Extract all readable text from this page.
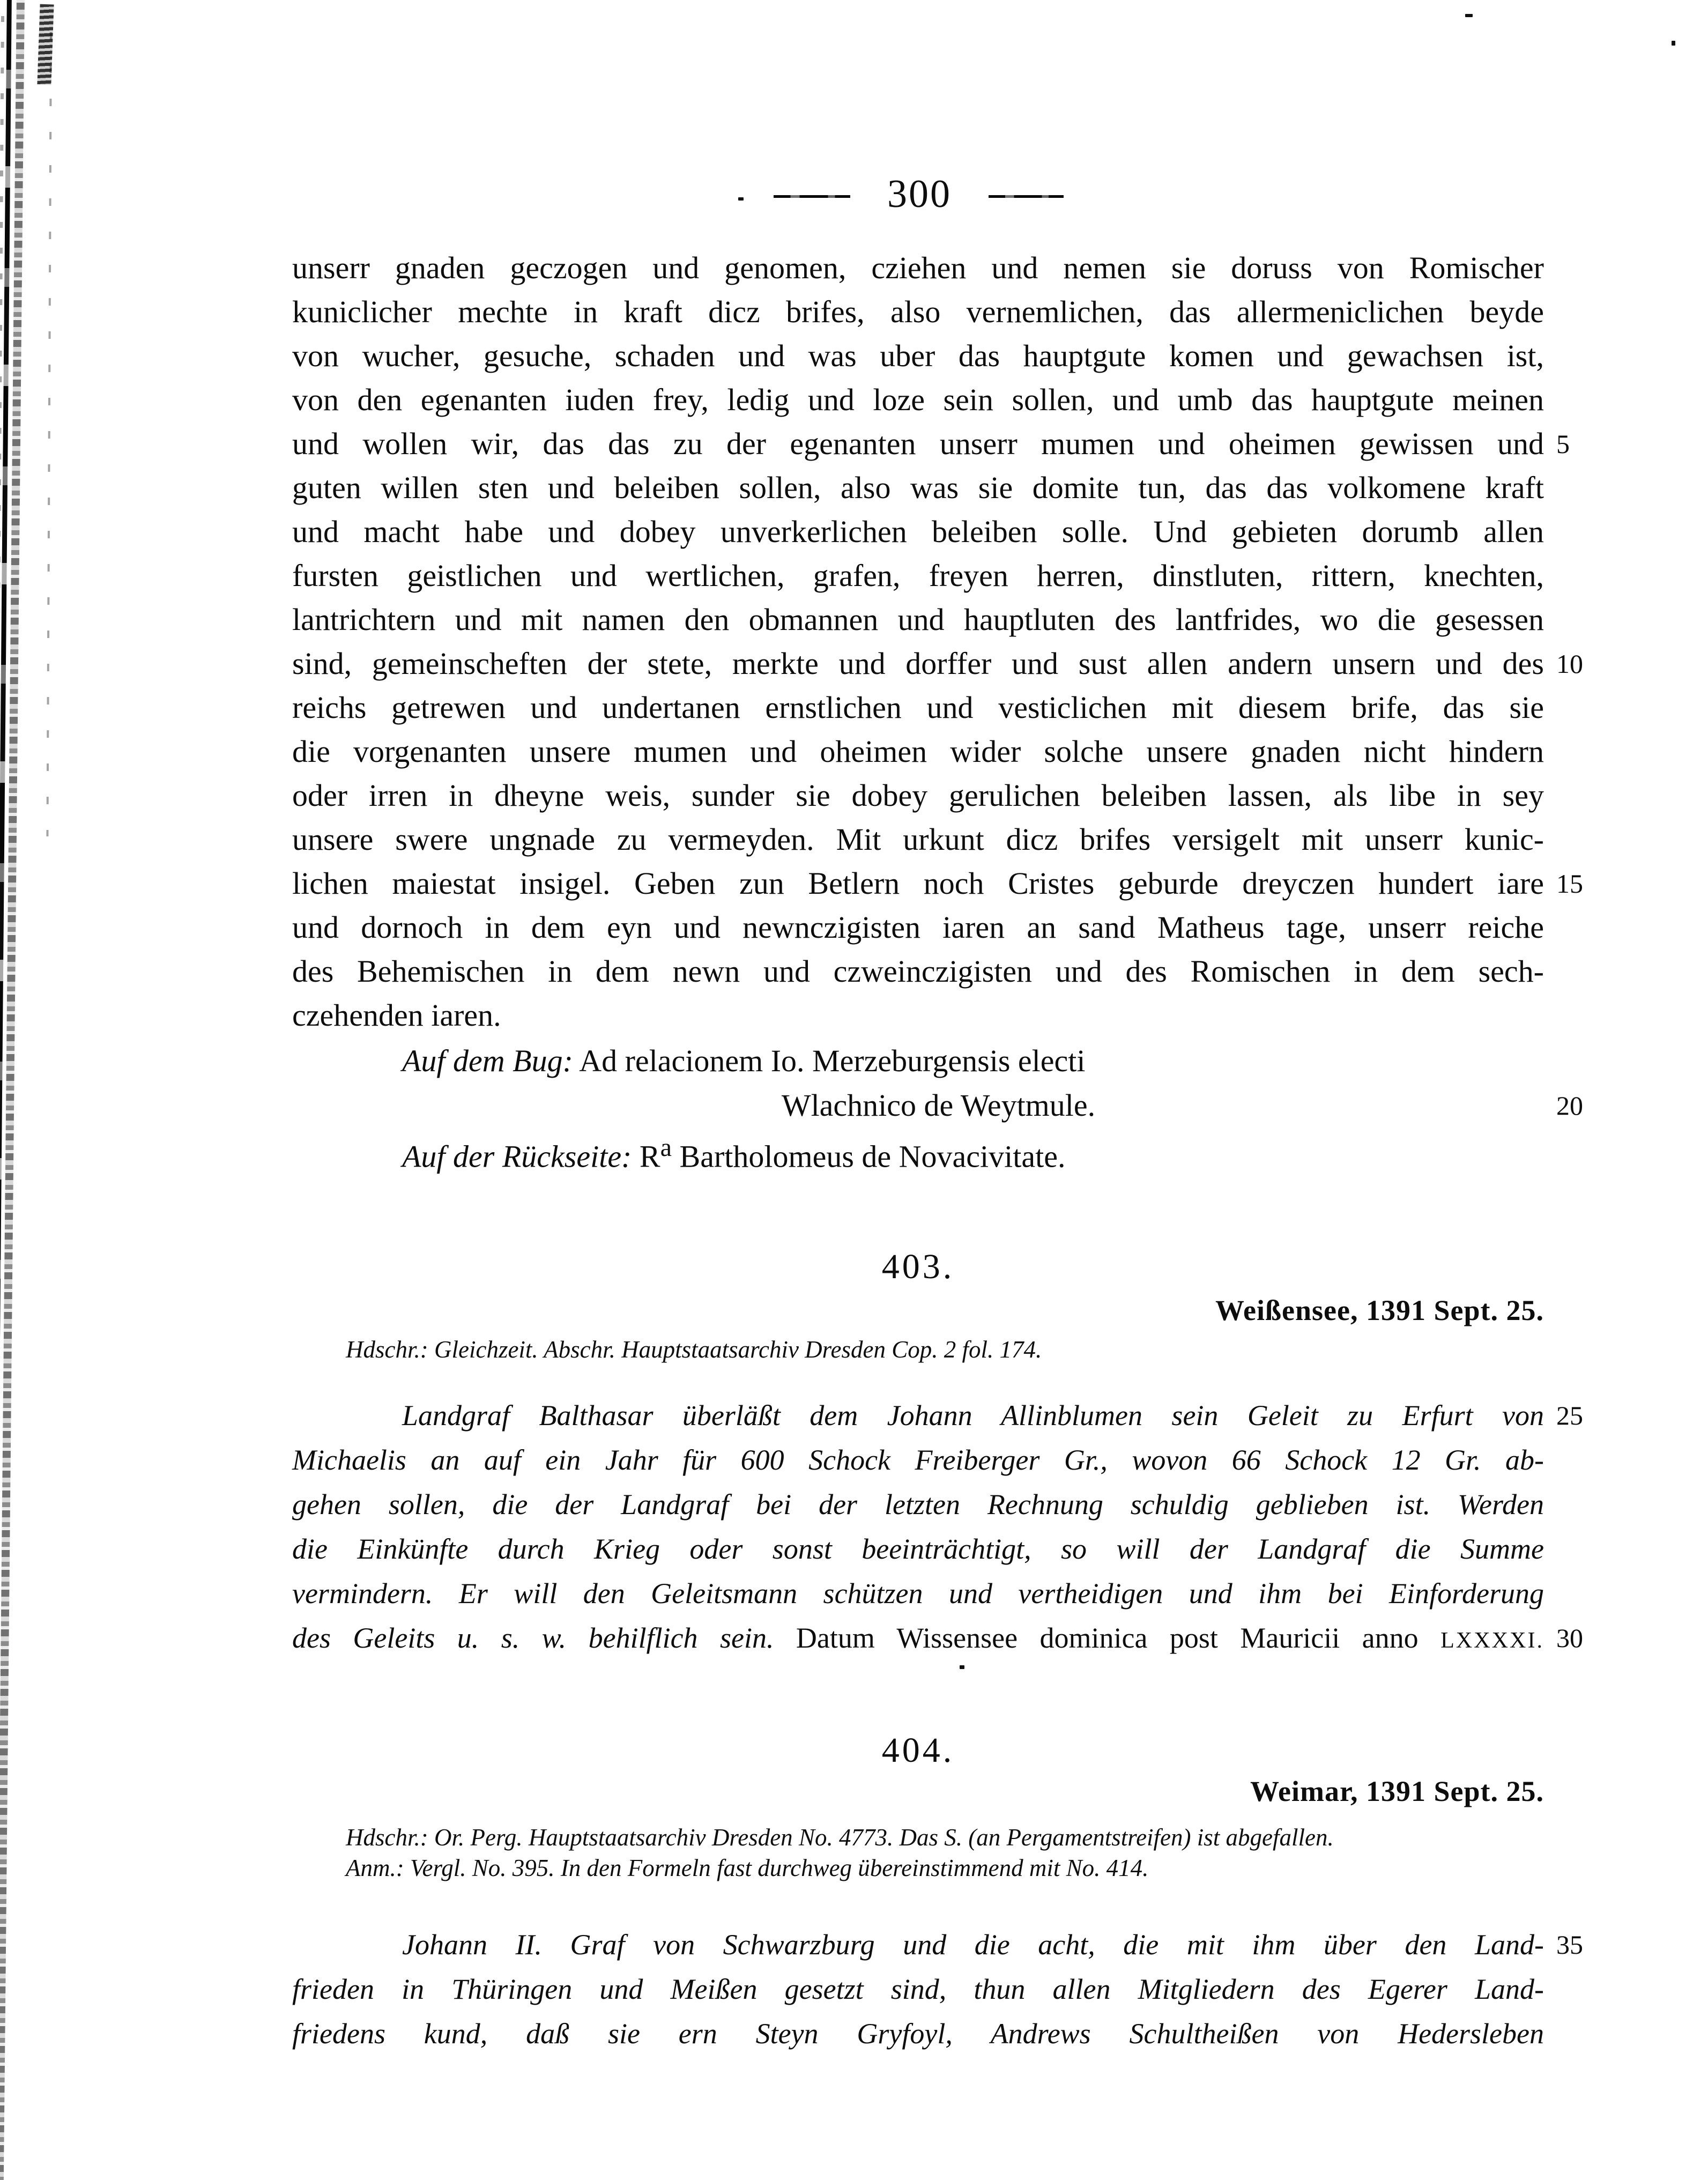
300
unserr gnaden geczogen und genomen, cziehen und nemen sie doruss von Romischer
kuniclicher mechte in kraft dicz brifes, also vernemlichen, das allermeniclichen beyde
von wucher, gesuche, schaden und was uber das hauptgute komen und gewachsen ist,
von den egenanten iuden frey, ledig und loze sein sollen, und umb das hauptgute meinen
und wollen wir, das das zu der egenanten unserr mumen und oheimen gewissen und
guten willen sten und beleiben sollen, also was sie domite tun, das das volkomene kraft
und macht habe und dobey unverkerlichen beleiben solle. Und gebieten dorumb allen
fursten geistlichen und wertlichen, grafen, freyen herren, dinstluten, rittern, knechten,
lantrichtern und mit namen den obmannen und hauptluten des lantfrides, wo die gesessen
sind, gemeinscheften der stete, merkte und dorffer und sust allen andern unsern und des
reichs getrewen und undertanen ernstlichen und vesticlichen mit diesem brife, das sie
die vorgenanten unsere mumen und oheimen wider solche unsere gnaden nicht hindern
oder irren in dheyne weis, sunder sie dobey gerulichen beleiben lassen, als libe in sey
unsere swere ungnade zu vermeyden. Mit urkunt dicz brifes versigelt mit unserr kunic-
lichen maiestat insigel. Geben zun Betlern noch Cristes geburde dreyczen hundert iare
und dornoch in dem eyn und newnczigisten iaren an sand Matheus tage, unserr reiche
des Behemischen in dem newn und czweinczigisten und des Romischen in dem sech-
czehenden iaren.
Auf dem Bug: Ad relacionem Io. Merzeburgensis electi
Wlachnico de Weytmule.
Auf der Rückseite: $R^a$ Bartholomeus de Novacivitate.
403.
Weißensee, 1391 Sept. 25.
Hdschr.: Gleichzeit. Abschr. Hauptstaatsarchiv Dresden Cop. 2 fol. 174.
Landgraf Balthasar überläßt dem Johann Allinblumen sein Geleit zu Erfurt von
Michaelis an auf ein Jahr für 600 Schock Freiberger Gr., wovon 66 Schock 12 Gr. ab-
gehen sollen, die der Landgraf bei der letzten Rechnung schuldig geblieben ist. Werden
die Einkünfte durch Krieg oder sonst beeinträchtigt, so will der Landgraf die Summe
vermindern. Er will den Geleitsmann schützen und vertheidigen und ihm bei Einforderung
des Geleits u. s. w. behilflich sein. Datum Wissensee dominica post Mauricii anno LXXXXI.
404.
Weimar, 1391 Sept. 25.
Hdschr.: Or. Perg. Hauptstaatsarchiv Dresden No. 4773. Das S. (an Pergamentstreifen) ist abgefallen.
Anm.: Vergl. No. 395. In den Formeln fast durchweg übereinstimmend mit No. 414.
Johann II. Graf von Schwarzburg und die acht, die mit ihm über den Land-
frieden in Thüringen und Meißen gesetzt sind, thun allen Mitgliedern des Egerer Land-
friedens kund, daß sie ern Steyn Gryfoyl, Andrews Schultheißen von Hedersleben
5
10
15
20
25
30
35
